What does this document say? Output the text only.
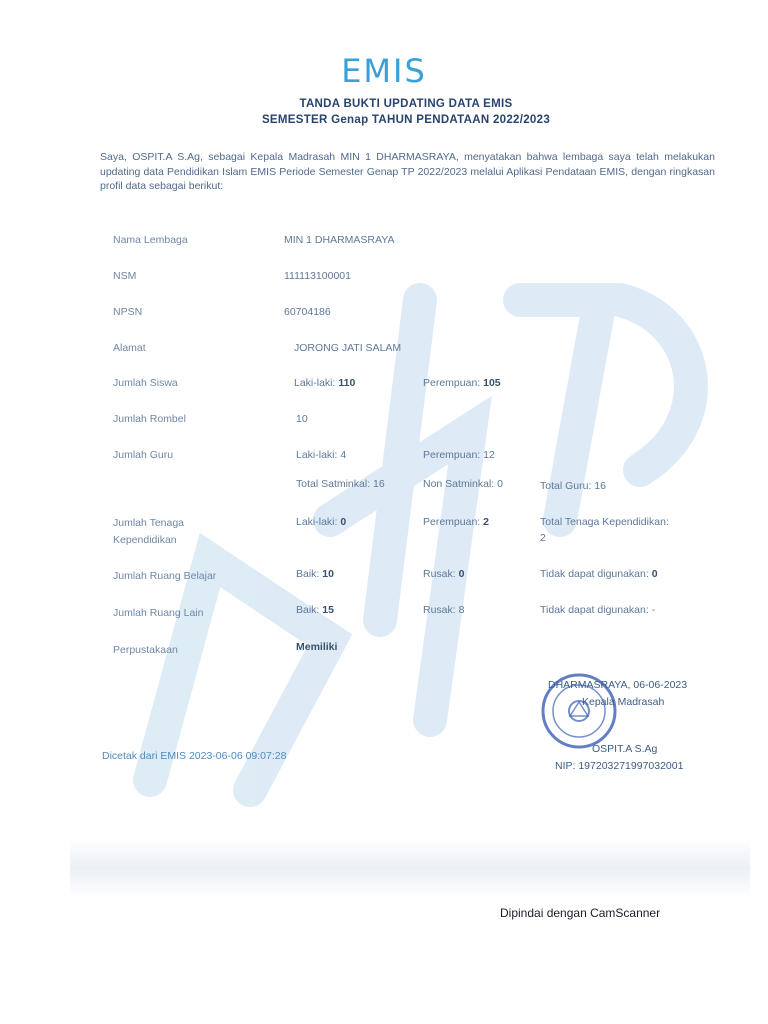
EMIS
TANDA BUKTI UPDATING DATA EMIS
SEMESTER Genap TAHUN PENDATAAN 2022/2023
Saya, OSPIT.A S.Ag, sebagai Kepala Madrasah MIN 1 DHARMASRAYA, menyatakan bahwa lembaga saya telah melakukan updating data Pendidikan Islam EMIS Periode Semester Genap TP 2022/2023 melalui Aplikasi Pendataan EMIS, dengan ringkasan profil data sebagai berikut:
Nama Lembaga	MIN 1 DHARMASRAYA
NSM	111113100001
NPSN	60704186
Alamat	JORONG JATI SALAM
Jumlah Siswa	Laki-laki: 110	Perempuan: 105
Jumlah Rombel	10
Jumlah Guru	Laki-laki: 4	Perempuan: 12
Total Satminkal: 16	Non Satminkal: 0	Total Guru: 16
Jumlah Tenaga
Kependidikan
Laki-laki: 0	Perempuan: 2	Total Tenaga Kependidikan:
2
Jumlah Ruang Belajar	Baik: 10	Rusak: 0	Tidak dapat digunakan: 0
Jumlah Ruang Lain	Baik: 15	Rusak: 8	Tidak dapat digunakan: -
Perpustakaan	Memiliki
DHARMASRAYA, 06-06-2023
Kepala Madrasah
OSPIT.A S.Ag
NIP: 197203271997032001
Dicetak dari EMIS 2023-06-06 09:07:28
Dipindai dengan CamScanner
